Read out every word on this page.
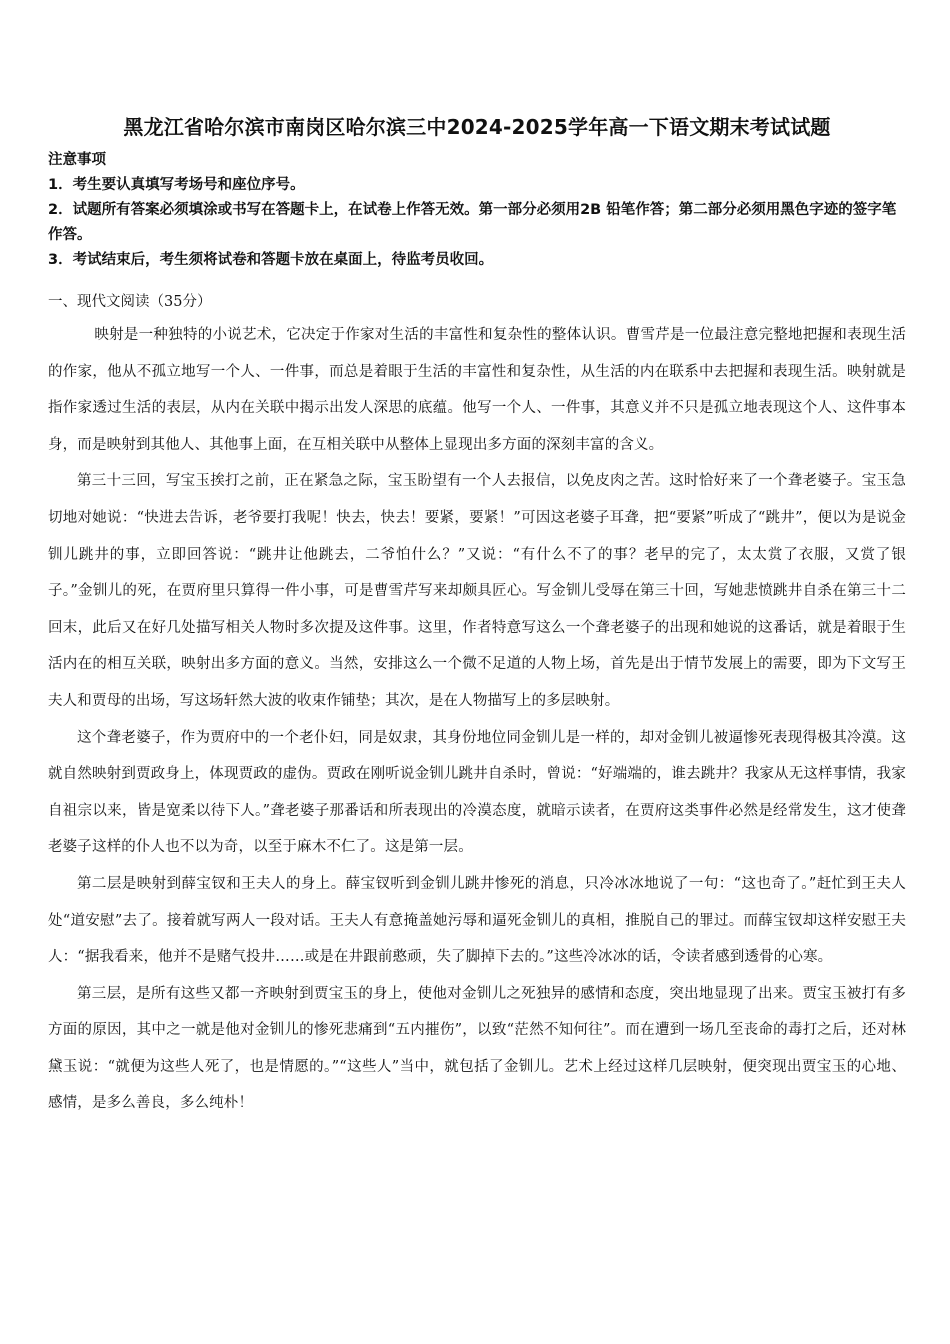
黑龙江省哈尔滨市南岗区哈尔滨三中2024-2025学年高一下语文期末考试试题

注意事项

1．考生要认真填写考场号和座位序号。

2．试题所有答案必须填涂或书写在答题卡上，在试卷上作答无效。第一部分必须用2B 铅笔作答；第二部分必须用黑色字迹的签字笔作答。

3．考试结束后，考生须将试卷和答题卡放在桌面上，待监考员收回。

一、现代文阅读（35分）

映射是一种独特的小说艺术，它决定于作家对生活的丰富性和复杂性的整体认识。曹雪芹是一位最注意完整地把握和表现生活的作家，他从不孤立地写一个人、一件事，而总是着眼于生活的丰富性和复杂性，从生活的内在联系中去把握和表现生活。映射就是指作家透过生活的表层，从内在关联中揭示出发人深思的底蕴。他写一个人、一件事，其意义并不只是孤立地表现这个人、这件事本身，而是映射到其他人、其他事上面，在互相关联中从整体上显现出多方面的深刻丰富的含义。

第三十三回，写宝玉挨打之前，正在紧急之际，宝玉盼望有一个人去报信，以免皮肉之苦。这时恰好来了一个聋老婆子。宝玉急切地对她说：“快进去告诉，老爷要打我呢！快去，快去！要紧，要紧！”可因这老婆子耳聋，把“要紧”听成了“跳井”，便以为是说金钏儿跳井的事，立即回答说：“跳井让他跳去，二爷怕什么？”又说：“有什么不了的事？老早的完了，太太赏了衣服，又赏了银子。”金钏儿的死，在贾府里只算得一件小事，可是曹雪芹写来却颇具匠心。写金钏儿受辱在第三十回，写她悲愤跳井自杀在第三十二回末，此后又在好几处描写相关人物时多次提及这件事。这里，作者特意写这么一个聋老婆子的出现和她说的这番话，就是着眼于生活内在的相互关联，映射出多方面的意义。当然，安排这么一个微不足道的人物上场，首先是出于情节发展上的需要，即为下文写王夫人和贾母的出场，写这场轩然大波的收束作铺垫；其次，是在人物描写上的多层映射。

这个聋老婆子，作为贾府中的一个老仆妇，同是奴隶，其身份地位同金钏儿是一样的，却对金钏儿被逼惨死表现得极其冷漠。这就自然映射到贾政身上，体现贾政的虚伪。贾政在刚听说金钏儿跳井自杀时，曾说：“好端端的，谁去跳井？我家从无这样事情，我家自祖宗以来，皆是宽柔以待下人。”聋老婆子那番话和所表现出的冷漠态度，就暗示读者，在贾府这类事件必然是经常发生，这才使聋老婆子这样的仆人也不以为奇，以至于麻木不仁了。这是第一层。

第二层是映射到薛宝钗和王夫人的身上。薛宝钗听到金钏儿跳井惨死的消息，只冷冰冰地说了一句：“这也奇了。”赶忙到王夫人处“道安慰”去了。接着就写两人一段对话。王夫人有意掩盖她污辱和逼死金钏儿的真相，推脱自己的罪过。而薛宝钗却这样安慰王夫人：“据我看来，他并不是赌气投井……或是在井跟前憨顽，失了脚掉下去的。”这些冷冰冰的话，令读者感到透骨的心寒。

第三层，是所有这些又都一齐映射到贾宝玉的身上，使他对金钏儿之死独异的感情和态度，突出地显现了出来。贾宝玉被打有多方面的原因，其中之一就是他对金钏儿的惨死悲痛到“五内摧伤”，以致“茫然不知何往”。而在遭到一场几至丧命的毒打之后，还对林黛玉说：“就便为这些人死了，也是情愿的。”“这些人”当中，就包括了金钏儿。艺术上经过这样几层映射，便突现出贾宝玉的心地、感情，是多么善良，多么纯朴！
